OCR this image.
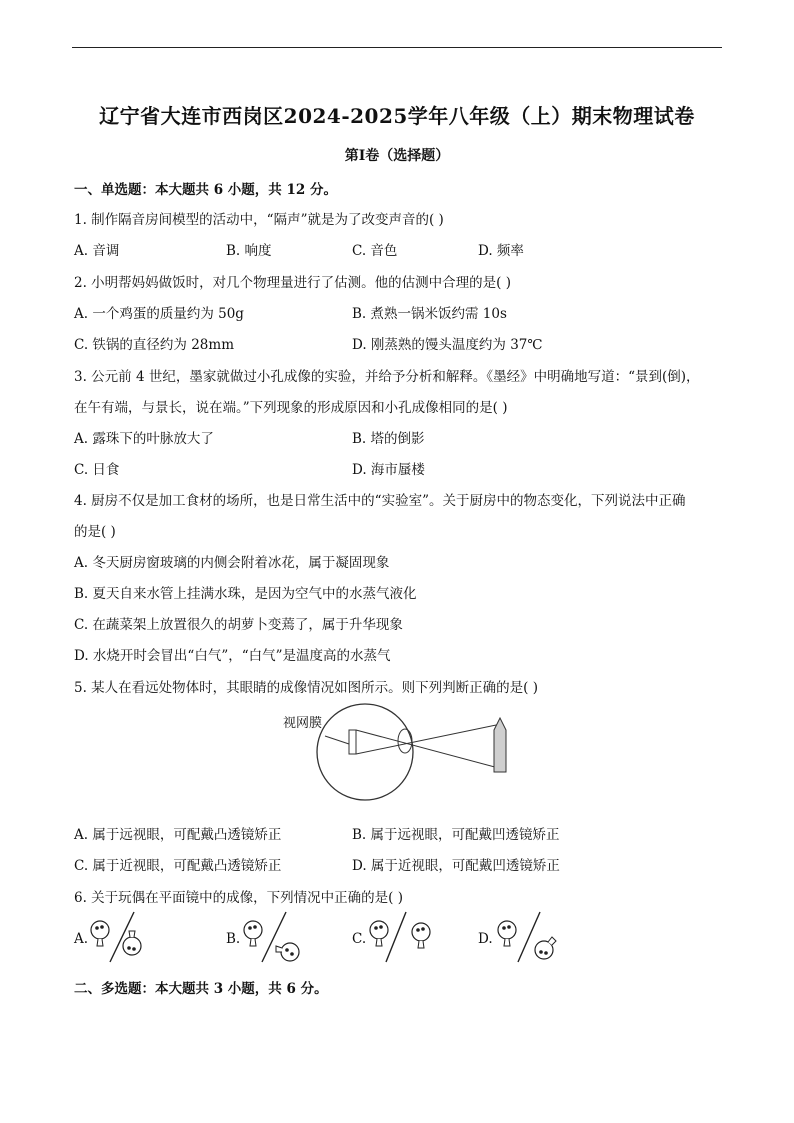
辽宁省大连市西岗区2024-2025学年八年级（上）期末物理试卷
第Ⅰ卷（选择题）
一、单选题：本大题共 6 小题，共 12 分。
1. 制作隔音房间模型的活动中，“隔声”就是为了改变声音的( )
A. 音调	B. 响度	C. 音色	D. 频率
2. 小明帮妈妈做饭时，对几个物理量进行了估测。他的估测中合理的是( )
A. 一个鸡蛋的质量约为 50g	B. 煮熟一锅米饭约需 10s
C. 铁锅的直径约为 28mm	D. 刚蒸熟的馒头温度约为 37℃
3. 公元前 4 世纪，墨家就做过小孔成像的实验，并给予分析和解释。《墨经》中明确地写道：“景到(倒)，
在午有端，与景长，说在端。”下列现象的形成原因和小孔成像相同的是( )
A. 露珠下的叶脉放大了	B. 塔的倒影
C. 日食	D. 海市蜃楼
4. 厨房不仅是加工食材的场所，也是日常生活中的“实验室”。关于厨房中的物态变化，下列说法中正确
的是( )
A. 冬天厨房窗玻璃的内侧会附着冰花，属于凝固现象
B. 夏天自来水管上挂满水珠，是因为空气中的水蒸气液化
C. 在蔬菜架上放置很久的胡萝卜变蔫了，属于升华现象
D. 水烧开时会冒出“白气”，“白气”是温度高的水蒸气
5. 某人在看远处物体时，其眼睛的成像情况如图所示。则下列判断正确的是( )
视网膜
A. 属于远视眼，可配戴凸透镜矫正	B. 属于远视眼，可配戴凹透镜矫正
C. 属于近视眼，可配戴凸透镜矫正	D. 属于近视眼，可配戴凹透镜矫正
6. 关于玩偶在平面镜中的成像，下列情况中正确的是( )
A.	B.	C.	D.
二、多选题：本大题共 3 小题，共 6 分。
